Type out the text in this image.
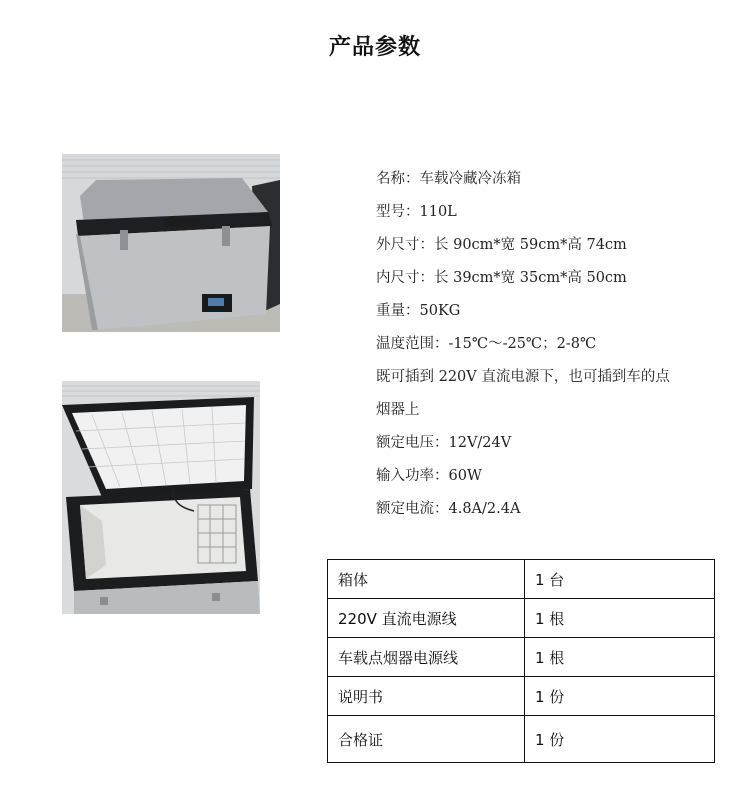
产品参数
名称：车载冷藏冷冻箱
型号：110L
外尺寸：长 90cm*宽 59cm*高 74cm
内尺寸：长 39cm*宽 35cm*高 50cm
重量：50KG
温度范围：-15℃～-25℃；2-8℃
既可插到 220V 直流电源下，也可插到车的点
烟器上
额定电压：12V/24V
输入功率：60W
额定电流：4.8A/2.4A
箱体	1 台
220V 直流电源线	1 根
车载点烟器电源线	1 根
说明书	1 份
合格证	1 份
